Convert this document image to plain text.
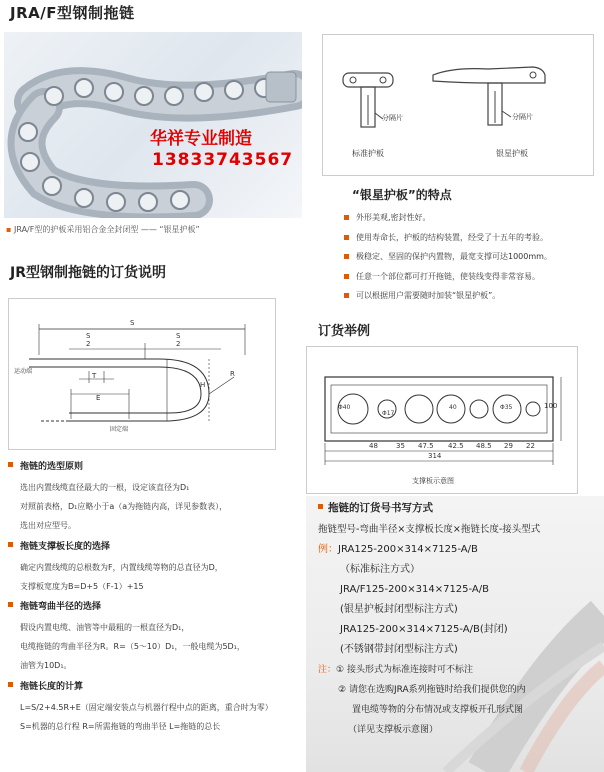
JRA/F型钢制拖链
华祥专业制造
13833743567
▪ JRA/F型的护板采用铝合金全封闭型 —— “银星护板”
分隔片	分隔片
标准护板	银星护板
“银星护板”的特点
外形美观,密封性好。
使用寿命长，护板的结构装置，经受了十五年的考验。
极稳定、坚固的保护内置物，最宽支撑可达1000mm。
任意一个部位都可打开拖链，使装线变得非常容易。
可以根据用户需要随时加装“银星护板”。
JR型钢制拖链的订货说明
S
S
2
S
2
运动端
T
E
固定端
H
R
订货举例
48	35 47.5 42.5 48.5 29 22
314
100
40
Φ40
Φ17
Φ35
支撑板示意图
拖链的选型原则

选出内置线缆直径最大的一根，设定该直径为D₁

对照前表格，D₁应略小于a（a为拖链内高，详见参数表），

选出对应型号。

拖链支撑板长度的选择

确定内置线缆的总根数为F，内置线缆等物的总直径为D，

支撑板宽度为B=D+5（F-1）+15

拖链弯曲半径的选择

假设内置电缆、油管等中最粗的一根直径为D₁，

电缆拖链的弯曲半径为R。R=（5～10）D₁，一般电缆为5D₁，

油管为10D₁。

拖链长度的计算

L=S/2+4.5R+E（固定端安装点与机器行程中点的距离，重合时为零）

S=机器的总行程 R=所需拖链的弯曲半径 L=拖链的总长

拖链的订货号书写方式
拖链型号-弯曲半径×支撑板长度×拖链长度-接头型式
例：JRA125-200×314×7125-A/B
（标准标注方式）
JRA/F125-200×314×7125-A/B
(银星护板封闭型标注方式)
JRA125-200×314×7125-A/B(封闭)
(不锈钢带封闭型标注方式)
注：① 接头形式为标准连接时可不标注
② 请您在选购JRA系列拖链时给我们提供您的内
置电缆等物的分布情况或支撑板开孔形式图
（详见支撑板示意图）
